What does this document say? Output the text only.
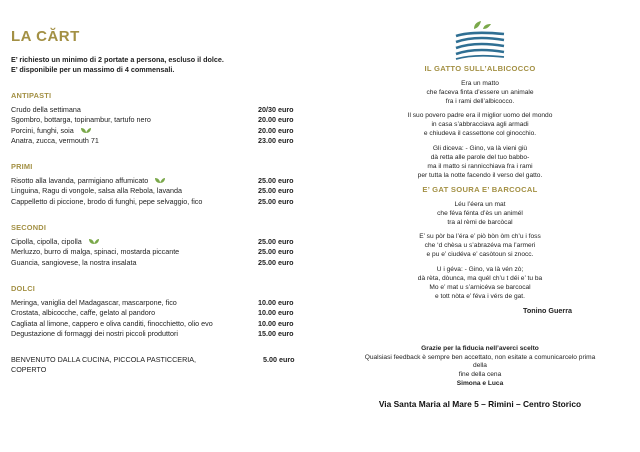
LA CĂRT
E’ richiesto un minimo di 2 portate a persona, escluso il dolce.
E’ disponibile per un massimo di 4 commensali.
ANTIPASTI
Crudo della settimana	20/30 euro
Sgombro, bottarga, topinambur, tartufo nero	20.00 euro
Porcini, funghi, soia	20.00 euro
Anatra, zucca, vermouth 71	23.00 euro
PRIMI
Risotto alla lavanda, parmigiano affumicato	25.00 euro
Linguina, Ragu di vongole, salsa alla Rebola, lavanda	25.00 euro
Cappelletto di piccione, brodo di funghi, pepe selvaggio, fico	25.00 euro
SECONDI
Cipolla, cipolla, cipolla	25.00 euro
Merluzzo, burro di malga, spinaci, mostarda piccante	25.00 euro
Guancia, sangiovese, la nostra insalata	25.00 euro
DOLCI
Meringa, vaniglia del Madagascar, mascarpone, fico	10.00 euro
Crostata, albicocche, caffe, gelato al pandoro	10.00 euro
Cagliata al limone, cappero e oliva canditi, finocchietto, olio evo	10.00 euro
Degustazione di formaggi dei nostri piccoli produttori	15.00 euro
BENVENUTO DALLA CUCINA, PICCOLA PASTICCERIA,	5.00 euro
COPERTO
IL GATTO SULL’ALBICOCCO
Era un matto
che faceva finta d’essere un animale
fra i rami dell’albicocco.
Il suo povero padre era il miglior uomo del mondo
in casa s’abbracciava agli armadi
e chiudeva il cassettone col ginocchio.
Gli diceva: - Gino, va là vieni giù
dà retta alle parole del tuo babbo-
ma il matto si rannicchiava fra i rami
per tutta la notte facendo il verso del gatto.
E’ GAT SOURA E’ BARCOCAL
Léu l’éera un mat
che féva fénta d’ès un animél
tra al rèmi de barcòcal
E’ su pòr ba l’éra e’ piò bòn òm ch’u i foss
che ‘d chèsa u s’abrazéva ma l’armeri
e pu e’ ciudéva e’ casòtoun si znocc.
U i géva: - Gino, va là vén zò;
dà rèta, dòunca, ma quél ch’u t déi e’ tu ba
Mo e’ mat u s’arnicéva se barcocal
e tott nòta e’ féva i vérs de gat.
Tonino Guerra
Grazie per la fiducia nell’averci scelto
Qualsiasi feedback è sempre ben accettato, non esitate a comunicarcelo prima della
fine della cena
Simona e Luca
Via Santa Maria al Mare 5 – Rimini – Centro Storico
